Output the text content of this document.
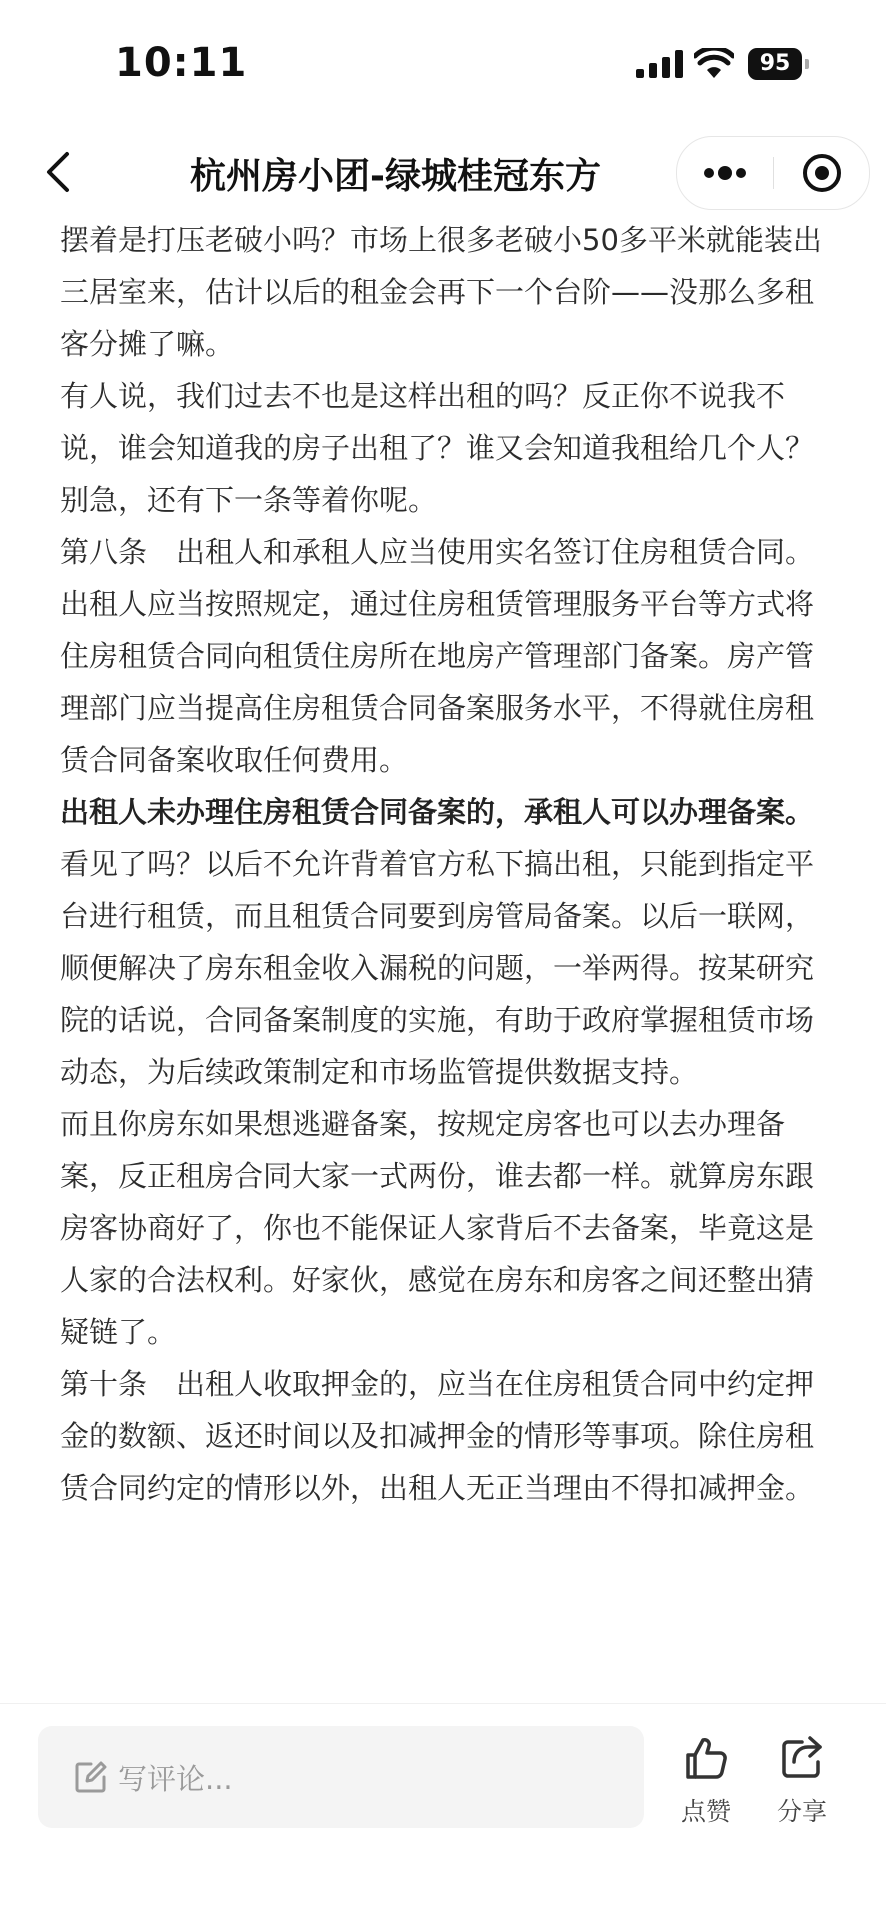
10:11	95
杭州房小团-绿城桂冠东方

摆着是打压老破小吗？市场上很多老破小50多平米就能装出三居室来，估计以后的租金会再下一个台阶——没那么多租客分摊了嘛。

有人说，我们过去不也是这样出租的吗？反正你不说我不说，谁会知道我的房子出租了？谁又会知道我租给几个人？别急，还有下一条等着你呢。

第八条　出租人和承租人应当使用实名签订住房租赁合同。

出租人应当按照规定，通过住房租赁管理服务平台等方式将住房租赁合同向租赁住房所在地房产管理部门备案。房产管理部门应当提高住房租赁合同备案服务水平，不得就住房租赁合同备案收取任何费用。

出租人未办理住房租赁合同备案的，承租人可以办理备案。

看见了吗？以后不允许背着官方私下搞出租，只能到指定平台进行租赁，而且租赁合同要到房管局备案。以后一联网，顺便解决了房东租金收入漏税的问题，一举两得。按某研究院的话说，合同备案制度的实施，有助于政府掌握租赁市场动态，为后续政策制定和市场监管提供数据支持。

而且你房东如果想逃避备案，按规定房客也可以去办理备案，反正租房合同大家一式两份，谁去都一样。就算房东跟房客协商好了，你也不能保证人家背后不去备案，毕竟这是人家的合法权利。好家伙，感觉在房东和房客之间还整出猜疑链了。

第十条　出租人收取押金的，应当在住房租赁合同中约定押金的数额、返还时间以及扣减押金的情形等事项。除住房租赁合同约定的情形以外，出租人无正当理由不得扣减押金。

写评论...
点赞	分享
